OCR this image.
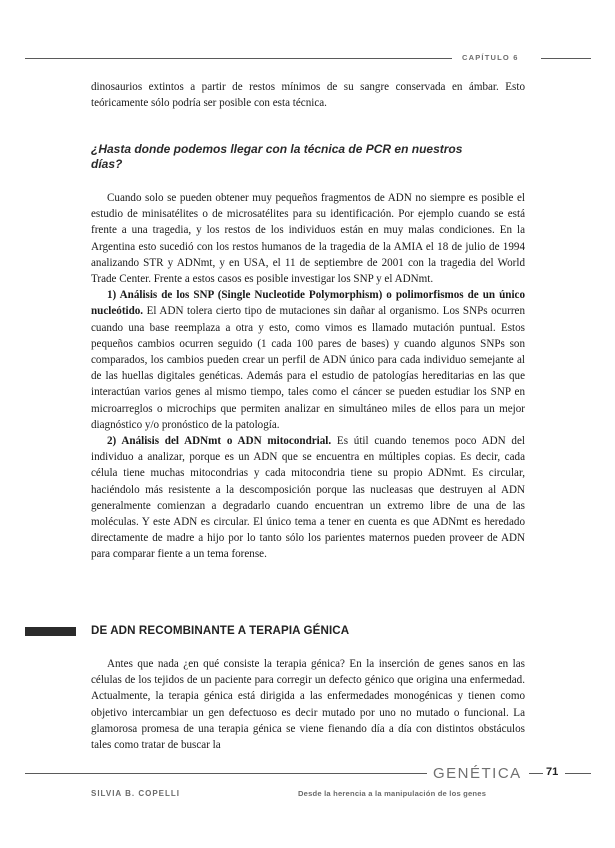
CAPÍTULO 6

dinosaurios extintos a partir de restos mínimos de su sangre conservada en ámbar. Esto teóricamente sólo podría ser posible con esta técnica.

¿Hasta donde podemos llegar con la técnica de PCR en nuestros días?

Cuando solo se pueden obtener muy pequeños fragmentos de ADN no siempre es posible el estudio de minisatélites o de microsatélites para su identificación. Por ejemplo cuando se está frente a una tragedia, y los restos de los individuos están en muy malas condiciones. En la Argentina esto sucedió con los restos humanos de la tragedia de la AMIA el 18 de julio de 1994 analizando STR y ADNmt, y en USA, el 11 de septiembre de 2001 con la tragedia del World Trade Center. Frente a estos casos es posible investigar los SNP y el ADNmt.

1) Análisis de los SNP (Single Nucleotide Polymorphism) o polimorfismos de un único nucleótido. El ADN tolera cierto tipo de mutaciones sin dañar al organismo. Los SNPs ocurren cuando una base reemplaza a otra y esto, como vimos es llamado mutación puntual. Estos pequeños cambios ocurren seguido (1 cada 100 pares de bases) y cuando algunos SNPs son comparados, los cambios pueden crear un perfil de ADN único para cada individuo semejante al de las huellas digitales genéticas. Además para el estudio de patologías hereditarias en las que interactúan varios genes al mismo tiempo, tales como el cáncer se pueden estudiar los SNP en microarreglos o microchips que permiten analizar en simultáneo miles de ellos para un mejor diagnóstico y/o pronóstico de la patología.

2) Análisis del ADNmt o ADN mitocondrial. Es útil cuando tenemos poco ADN del individuo a analizar, porque es un ADN que se encuentra en múltiples copias. Es decir, cada célula tiene muchas mitocondrias y cada mitocondria tiene su propio ADNmt. Es circular, haciéndolo más resistente a la descomposición porque las nucleasas que destruyen al ADN generalmente comienzan a degradarlo cuando encuentran un extremo libre de una de las moléculas. Y este ADN es circular. El único tema a tener en cuenta es que ADNmt es heredado directamente de madre a hijo por lo tanto sólo los parientes maternos pueden proveer de ADN para comparar fiente a un tema forense.

DE ADN RECOMBINANTE A TERAPIA GÉNICA

Antes que nada ¿en qué consiste la terapia génica? En la inserción de genes sanos en las células de los tejidos de un paciente para corregir un defecto génico que origina una enfermedad. Actualmente, la terapia génica está dirigida a las enfermedades monogénicas y tienen como objetivo intercambiar un gen defectuoso es decir mutado por uno no mutado o funcional. La glamorosa promesa de una terapia génica se viene fienando día a día con distintos obstáculos tales como tratar de buscar la

GENÉTICA 71
SILVIA B. COPELLI	Desde la herencia a la manipulación de los genes
